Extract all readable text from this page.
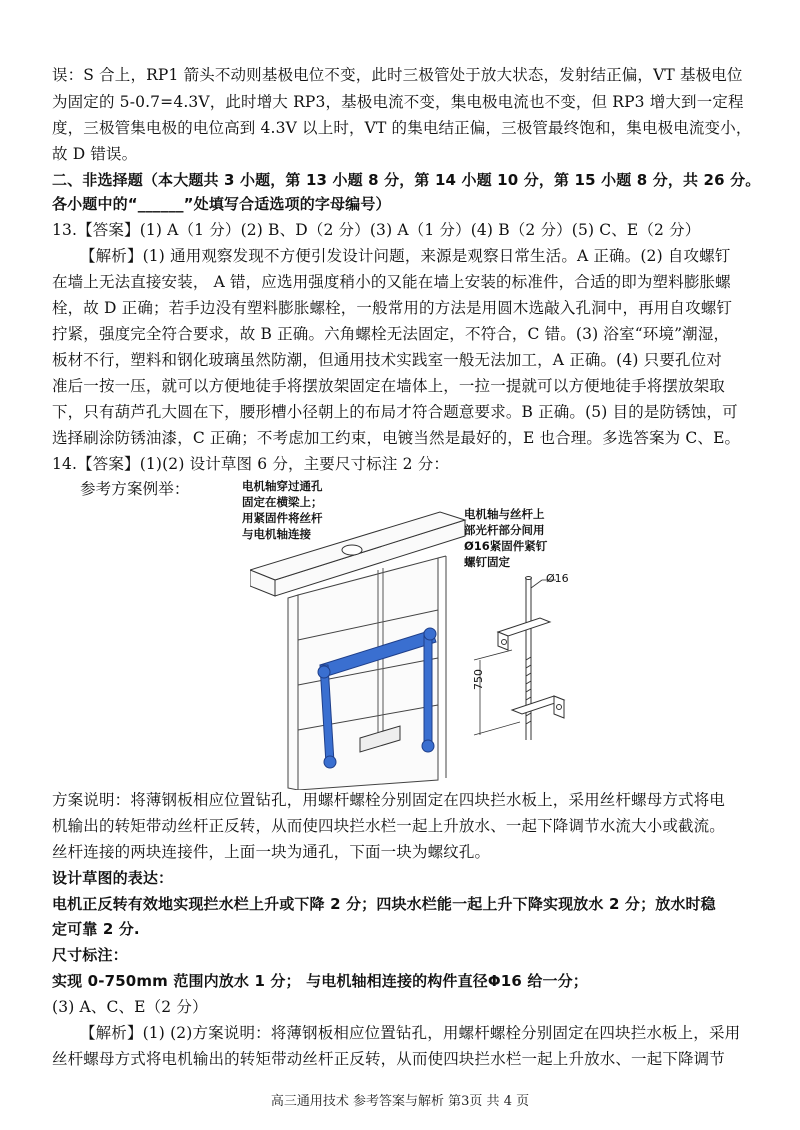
误：S 合上，RP1 箭头不动则基极电位不变，此时三极管处于放大状态，发射结正偏，VT 基极电位
为固定的 5-0.7=4.3V，此时增大 RP3，基极电流不变，集电极电流也不变，但 RP3 增大到一定程
度，三极管集电极的电位高到 4.3V 以上时，VT 的集电结正偏，三极管最终饱和，集电极电流变小，
故 D 错误。
二、非选择题（本大题共 3 小题，第 13 小题 8 分，第 14 小题 10 分，第 15 小题 8 分，共 26 分。
各小题中的“______”处填写合适选项的字母编号）
13.【答案】(1) A（1 分）(2) B、D（2 分）(3) A（1 分）(4) B（2 分）(5) C、E（2 分）
【解析】(1) 通用观察发现不方便引发设计问题，来源是观察日常生活。A 正确。(2) 自攻螺钉
在墙上无法直接安装， A 错，应选用强度稍小的又能在墙上安装的标准件，合适的即为塑料膨胀螺
栓，故 D 正确；若手边没有塑料膨胀螺栓，一般常用的方法是用圆木选敲入孔洞中，再用自攻螺钉
拧紧，强度完全符合要求，故 B 正确。六角螺栓无法固定，不符合，C 错。(3) 浴室“环境”潮湿，
板材不行，塑料和钢化玻璃虽然防潮，但通用技术实践室一般无法加工，A 正确。(4) 只要孔位对
准后一按一压，就可以方便地徒手将摆放架固定在墙体上，一拉一提就可以方便地徒手将摆放架取
下，只有葫芦孔大圆在下，腰形槽小径朝上的布局才符合题意要求。B 正确。(5) 目的是防锈蚀，可
选择刷涂防锈油漆，C 正确；不考虑加工约束，电镀当然是最好的，E 也合理。多选答案为 C、E。
14.【答案】(1)(2) 设计草图 6 分，主要尺寸标注 2 分：
参考方案例举：	电机轴穿过通孔
固定在横梁上；
用紧固件将丝杆
与电机轴连接
电机轴与丝杆上
部光杆部分间用
Ø16紧固件紧钉
螺钉固定
Ø16
750
方案说明：将薄钢板相应位置钻孔，用螺杆螺栓分别固定在四块拦水板上，采用丝杆螺母方式将电
机输出的转矩带动丝杆正反转，从而使四块拦水栏一起上升放水、一起下降调节水流大小或截流。
丝杆连接的两块连接件，上面一块为通孔，下面一块为螺纹孔。
设计草图的表达：
电机正反转有效地实现拦水栏上升或下降 2 分；四块水栏能一起上升下降实现放水 2 分；放水时稳
定可靠 2 分.
尺寸标注：
实现 0-750mm 范围内放水 1 分； 与电机轴相连接的构件直径Φ16 给一分；
(3) A、C、E（2 分）
【解析】(1) (2)方案说明：将薄钢板相应位置钻孔，用螺杆螺栓分别固定在四块拦水板上，采用
丝杆螺母方式将电机输出的转矩带动丝杆正反转，从而使四块拦水栏一起上升放水、一起下降调节
高三通用技术 参考答案与解析 第3页 共 4 页
